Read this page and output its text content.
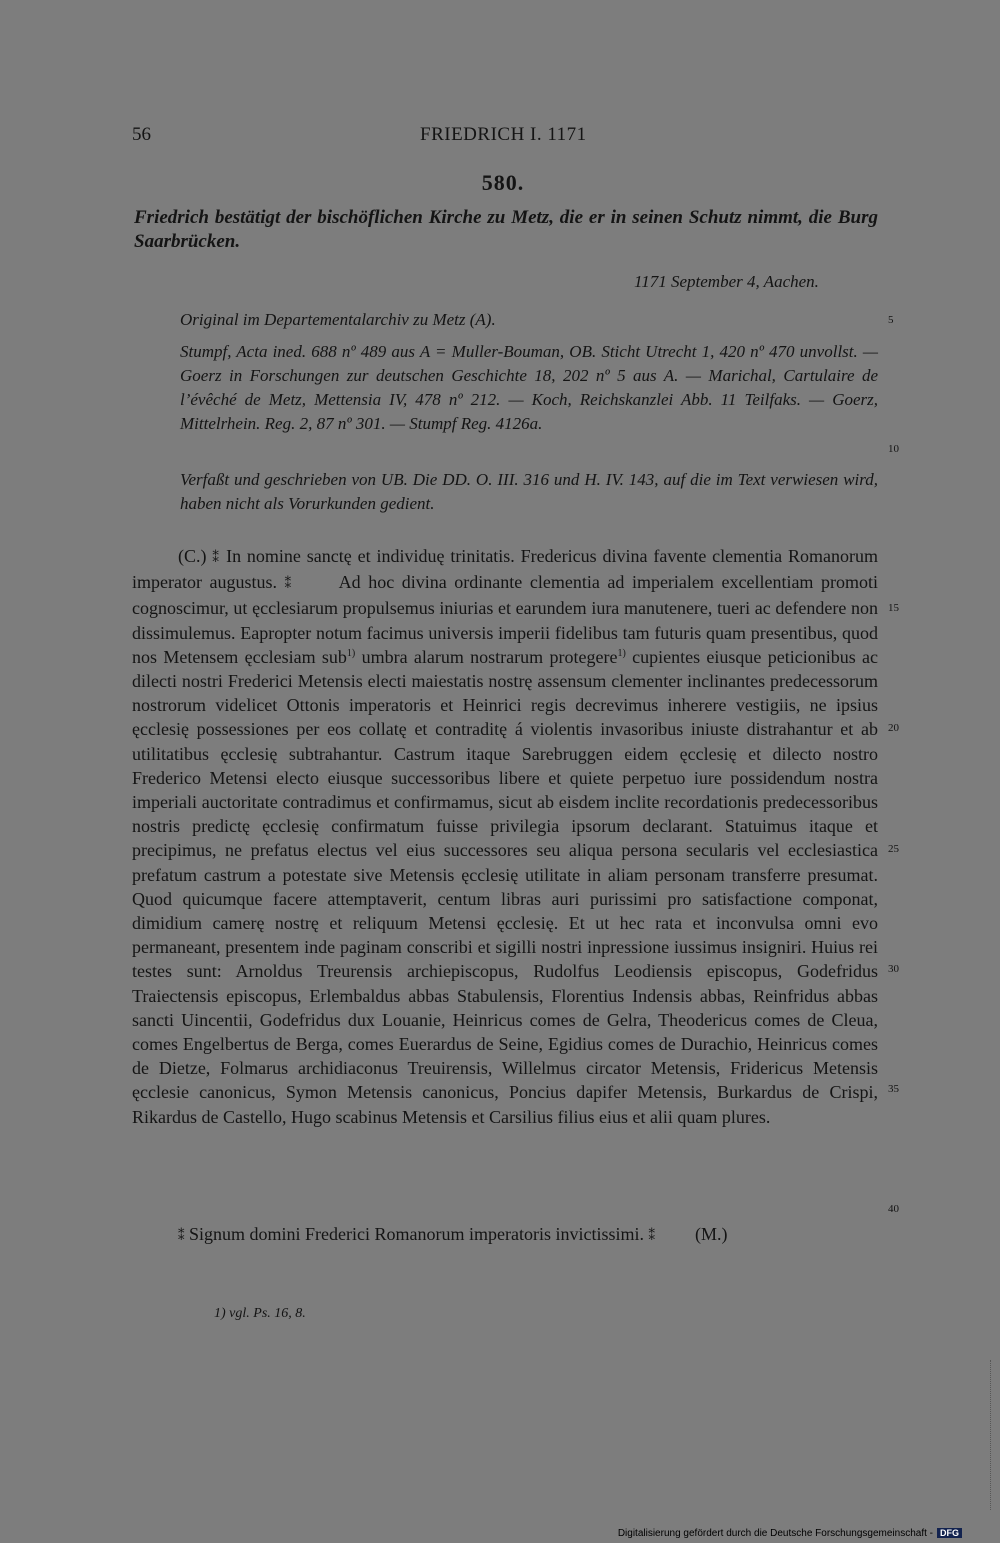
56	FRIEDRICH I. 1171
580.
Friedrich bestätigt der bischöflichen Kirche zu Metz, die er in seinen Schutz nimmt, die Burg Saarbrücken.
1171 September 4, Aachen.
Original im Departementalarchiv zu Metz (A).
Stumpf, Acta ined. 688 nº 489 aus A = Muller-Bouman, OB. Sticht Utrecht 1, 420 nº 470 unvollst. — Goerz in Forschungen zur deutschen Geschichte 18, 202 nº 5 aus A. — Marichal, Cartulaire de l’évêché de Metz, Mettensia IV, 478 nº 212. — Koch, Reichskanzlei Abb. 11 Teilfaks. — Goerz, Mittelrhein. Reg. 2, 87 nº 301. — Stumpf Reg. 4126a.
Verfaßt und geschrieben von UB. Die DD. O. III. 316 und H. IV. 143, auf die im Text verwiesen wird, haben nicht als Vorurkunden gedient.
5
10
15
20
25
30
35
40

(C.) ⁑ In nomine sanctę et individuę trinitatis. Fredericus divina favente clementia Romanorum imperator augustus. ⁑ Ad hoc divina ordinante clementia ad imperialem excellentiam promoti cognoscimur, ut ęcclesiarum propulsemus iniurias et earundem iura manutenere, tueri ac defendere non dissimulemus. Eapropter notum facimus universis imperii fidelibus tam futuris quam presentibus, quod nos Metensem ęcclesiam sub$^{1)}$ umbra alarum nostrarum protegere$^{1)}$ cupientes eiusque peticionibus ac dilecti nostri Frederici Metensis electi maiestatis nostrę assensum clementer inclinantes predecessorum nostrorum videlicet Ottonis imperatoris et Heinrici regis decrevimus inherere vestigiis, ne ipsius ęcclesię possessiones per eos collatę et contraditę á violentis invasoribus iniuste distrahantur et ab utilitatibus ęcclesię subtrahantur. Castrum itaque Sarebruggen eidem ęcclesię et dilecto nostro Frederico Metensi electo eiusque successoribus libere et quiete perpetuo iure possidendum nostra imperiali auctoritate contradimus et confirmamus, sicut ab eisdem inclite recordationis predecessoribus nostris predictę ęcclesię confirmatum fuisse privilegia ipsorum declarant. Statuimus itaque et precipimus, ne prefatus electus vel eius successores seu aliqua persona secularis vel ecclesiastica prefatum castrum a potestate sive Metensis ęcclesię utilitate in aliam personam transferre presumat. Quod quicumque facere attemptaverit, centum libras auri purissimi pro satisfactione componat, dimidium camerę nostrę et reliquum Metensi ęcclesię. Et ut hec rata et inconvulsa omni evo permaneant, presentem inde paginam conscribi et sigilli nostri inpressione iussimus insigniri. Huius rei testes sunt: Arnoldus Treurensis archiepiscopus, Rudolfus Leodiensis episcopus, Godefridus Traiectensis episcopus, Erlembaldus abbas Stabulensis, Florentius Indensis abbas, Reinfridus abbas sancti Uincentii, Godefridus dux Louanie, Heinricus comes de Gelra, Theodericus comes de Cleua, comes Engelbertus de Berga, comes Euerardus de Seine, Egidius comes de Durachio, Heinricus comes de Dietze, Folmarus archidiaconus Treuirensis, Willelmus circator Metensis, Fridericus Metensis ęcclesie canonicus, Symon Metensis canonicus, Poncius dapifer Metensis, Burkardus de Crispi, Rikardus de Castello, Hugo scabinus Metensis et Carsilius filius eius et alii quam plures.

⁑ Signum domini Frederici Romanorum imperatoris invictissimi. ⁑ (M.)
1) vgl. Ps. 16, 8.
Digitalisierung gefördert durch die Deutsche Forschungsgemeinschaft - DFG
